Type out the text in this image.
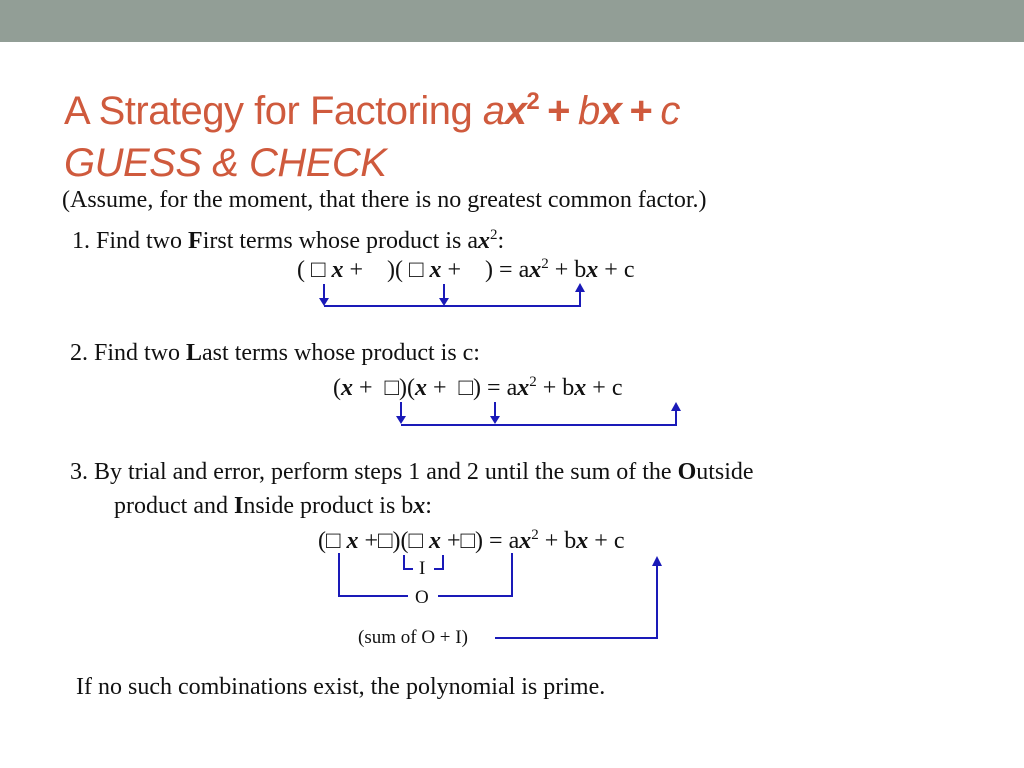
A Strategy for Factoring $ax^2$ + bx + c
GUESS & CHECK
(Assume, for the moment, that there is no greatest common factor.)
1. Find two First terms whose product is $ax^2$:
( □ x +    )( □ x +    ) = $ax^2$ + bx + c
2. Find two Last terms whose product is c:
(x +  □)(x +  □) = $ax^2$ + bx + c
3. By trial and error, perform steps 1 and 2 until the sum of the Outside
product and Inside product is bx:
(□ x +□)(□ x +□) = $ax^2$ + bx + c
I
O
(sum of O + I)
If no such combinations exist, the polynomial is prime.
